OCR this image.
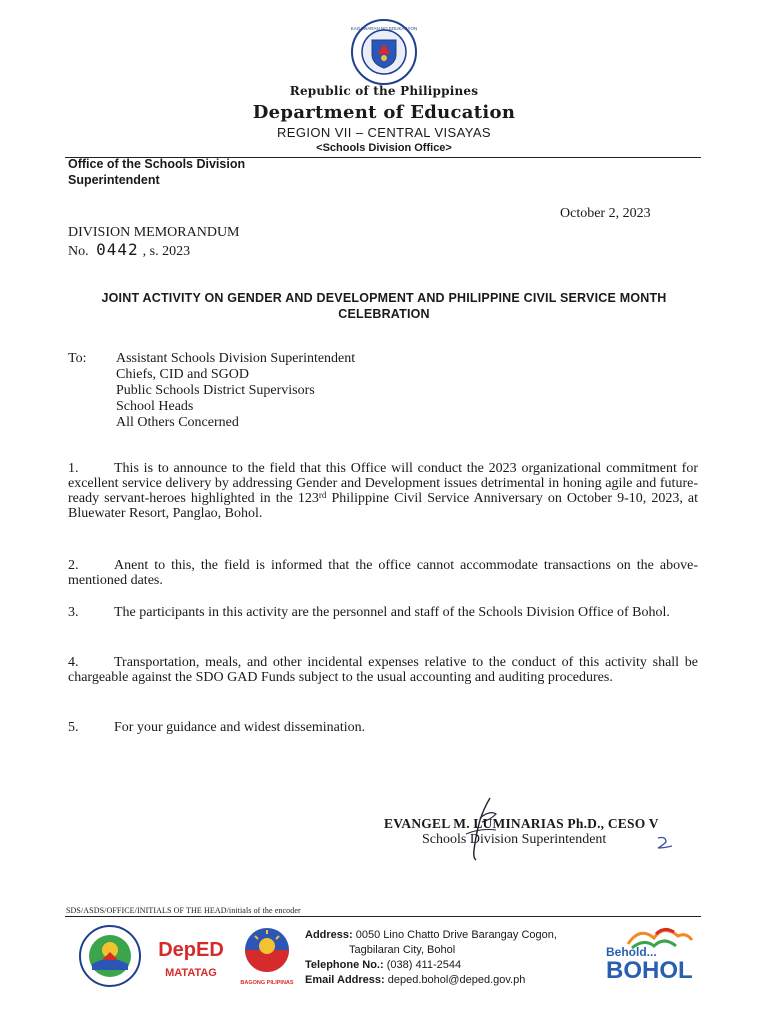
KAGAWARAN NG EDUKASYON
Republic of the Philippines
Department of Education
REGION VII – CENTRAL VISAYAS
<Schools Division Office>
Office of the Schools Division Superintendent
October 2, 2023
DIVISION MEMORANDUM
No. 0442 , s. 2023
JOINT ACTIVITY ON GENDER AND DEVELOPMENT AND PHILIPPINE CIVIL SERVICE MONTH CELEBRATION
To: Assistant Schools Division Superintendent
Chiefs, CID and SGOD
Public Schools District Supervisors
School Heads
All Others Concerned
1.	This is to announce to the field that this Office will conduct the 2023 organizational commitment for excellent service delivery by addressing Gender and Development issues detrimental in honing agile and future-ready servant-heroes highlighted in the 123rd Philippine Civil Service Anniversary on October 9-10, 2023, at Bluewater Resort, Panglao, Bohol.
2.	Anent to this, the field is informed that the office cannot accommodate transactions on the above-mentioned dates.
3.	The participants in this activity are the personnel and staff of the Schools Division Office of Bohol.
4.	Transportation, meals, and other incidental expenses relative to the conduct of this activity shall be chargeable against the SDO GAD Funds subject to the usual accounting and auditing procedures.
5.	For your guidance and widest dissemination.
EVANGEL M. LUMINARIAS Ph.D., CESO V
Schools Division Superintendent
SDS/ASDS/OFFICE/INITIALS OF THE HEAD/initials of the encoder
DepED
MATATAG
BAGONG PILIPINAS
Address: 0050 Lino Chatto Drive Barangay Cogon,
Tagbilaran City, Bohol
Telephone No.: (038) 411-2544
Email Address: deped.bohol@deped.gov.ph
Behold...
BOHOL
